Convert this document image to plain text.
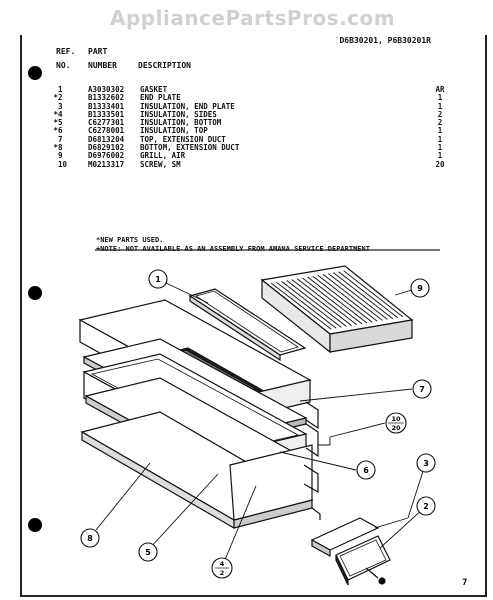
AppliancePartsPros.com
REF.
NO.
PART
NUMBER	DESCRIPTION
D6B30201, P6B30201R
	1	A3030302	GASKET	AR
*	2	B1332602	END PLATE	1
	3	B1333401	INSULATION, END PLATE	1
*	4	B1333501	INSULATION, SIDES	2
*	5	C6277301	INSULATION, BOTTOM	2
*	6	C6278001	INSULATION, TOP	1
	7	D6813204	TOP, EXTENSION DUCT	1
*	8	D6829102	BOTTOM, EXTENSION DUCT	1
	9	D6976002	GRILL, AIR	1
	10	M0213317	SCREW, SM	20
*NEW PARTS USED.
+NOTE: NOT AVAILABLE AS AN ASSEMBLY FROM AMANA SERVICE DEPARTMENT
1
9
7
10
20
6
3
2
8
5
4
2
7
